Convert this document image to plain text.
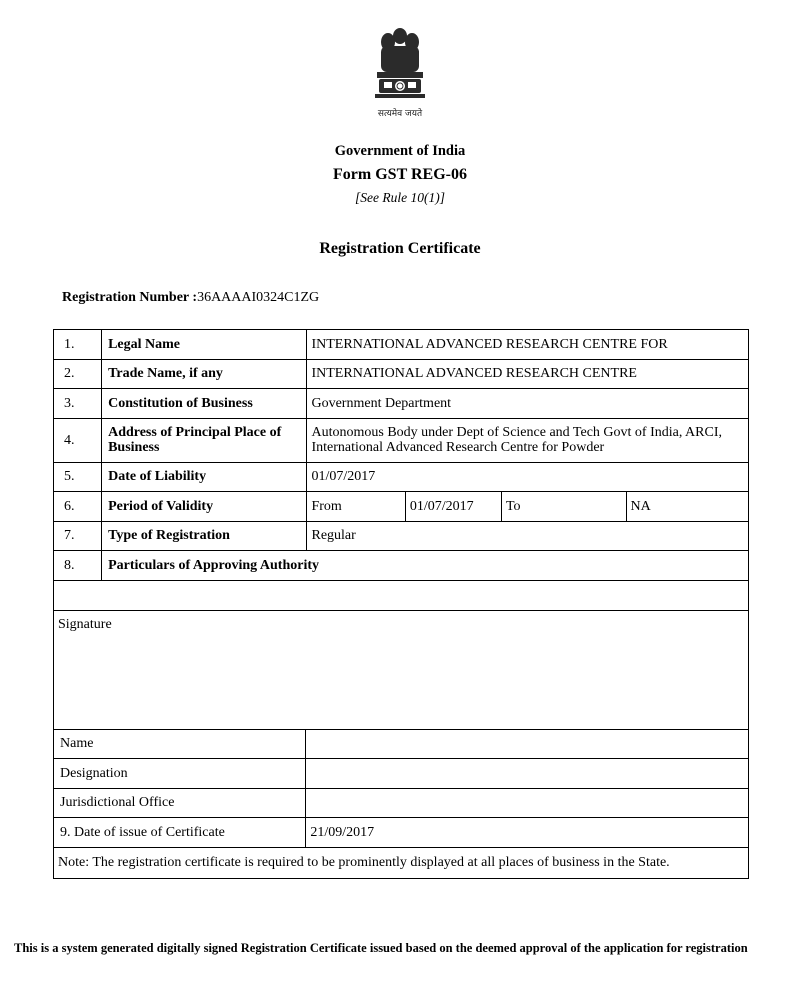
सत्यमेव जयते
Government of India
Form GST REG-06
[See Rule 10(1)]
Registration Certificate
Registration Number :36AAAAI0324C1ZG
1.	Legal Name	INTERNATIONAL ADVANCED RESEARCH CENTRE FOR			
2.	Trade Name, if any	INTERNATIONAL ADVANCED RESEARCH CENTRE			
3.	Constitution of Business	Government Department			
4.	Address of Principal Place of Business	Autonomous Body under Dept of Science and Tech Govt of India, ARCI, International Advanced Research Centre for Powder			
5.	Date of Liability	01/07/2017			
6.	Period of Validity	From	01/07/2017	To	NA
7.	Type of Registration	Regular			
8.	Particulars of Approving Authority				

Signature					
Name					
Designation					
Jurisdictional Office					
9. Date of issue of Certificate		21/09/2017			
Note: The registration certificate is required to be prominently displayed at all places of business in the State.					
This is a system generated digitally signed Registration Certificate issued based on the deemed approval of the application for registration
